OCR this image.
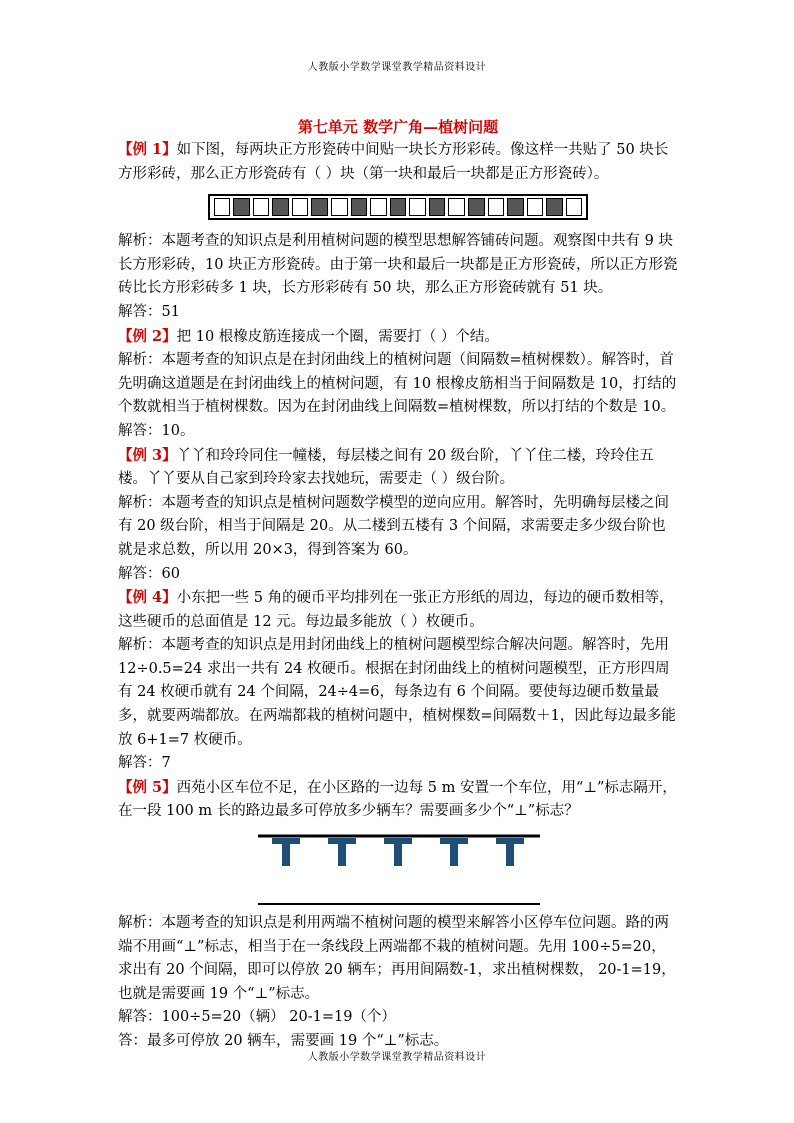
人教版小学数学课堂教学精品资料设计
第七单元 数学广角—植树问题

【例 1】如下图，每两块正方形瓷砖中间贴一块长方形彩砖。像这样一共贴了 50 块长方形彩砖，那么正方形瓷砖有（ ）块（第一块和最后一块都是正方形瓷砖）。

解析：本题考查的知识点是利用植树问题的模型思想解答铺砖问题。观察图中共有 9 块长方形彩砖，10 块正方形瓷砖。由于第一块和最后一块都是正方形瓷砖，所以正方形瓷砖比长方形彩砖多 1 块，长方形彩砖有 50 块，那么正方形瓷砖就有 51 块。

解答：51

【例 2】把 10 根橡皮筋连接成一个圈，需要打（ ）个结。

解析：本题考查的知识点是在封闭曲线上的植树问题（间隔数=植树棵数）。解答时，首先明确这道题是在封闭曲线上的植树问题，有 10 根橡皮筋相当于间隔数是 10，打结的个数就相当于植树棵数。因为在封闭曲线上间隔数=植树棵数，所以打结的个数是 10。

解答：10。

【例 3】丫丫和玲玲同住一幢楼，每层楼之间有 20 级台阶，丫丫住二楼，玲玲住五楼。丫丫要从自己家到玲玲家去找她玩，需要走（ ）级台阶。

解析：本题考查的知识点是植树问题数学模型的逆向应用。解答时，先明确每层楼之间有 20 级台阶，相当于间隔是 20。从二楼到五楼有 3 个间隔，求需要走多少级台阶也就是求总数，所以用 20×3，得到答案为 60。

解答：60

【例 4】小东把一些 5 角的硬币平均排列在一张正方形纸的周边，每边的硬币数相等，这些硬币的总面值是 12 元。每边最多能放（ ）枚硬币。

解析：本题考查的知识点是用封闭曲线上的植树问题模型综合解决问题。解答时，先用 12÷0.5=24 求出一共有 24 枚硬币。根据在封闭曲线上的植树问题模型，正方形四周有 24 枚硬币就有 24 个间隔，24÷4=6，每条边有 6 个间隔。要使每边硬币数量最多，就要两端都放。在两端都栽的植树问题中，植树棵数=间隔数＋1，因此每边最多能放 6+1=7 枚硬币。

解答：7

【例 5】西苑小区车位不足，在小区路的一边每 5 m 安置一个车位，用“⊥”标志隔开，在一段 100 m 长的路边最多可停放多少辆车？需要画多少个“⊥”标志？

解析：本题考查的知识点是利用两端不植树问题的模型来解答小区停车位问题。路的两端不用画“⊥”标志，相当于在一条线段上两端都不栽的植树问题。先用 100÷5=20，求出有 20 个间隔，即可以停放 20 辆车；再用间隔数-1，求出植树棵数， 20-1=19，也就是需要画 19 个“⊥”标志。

解答：100÷5=20（辆） 20-1=19（个）

答：最多可停放 20 辆车，需要画 19 个“⊥”标志。

人教版小学数学课堂教学精品资料设计
